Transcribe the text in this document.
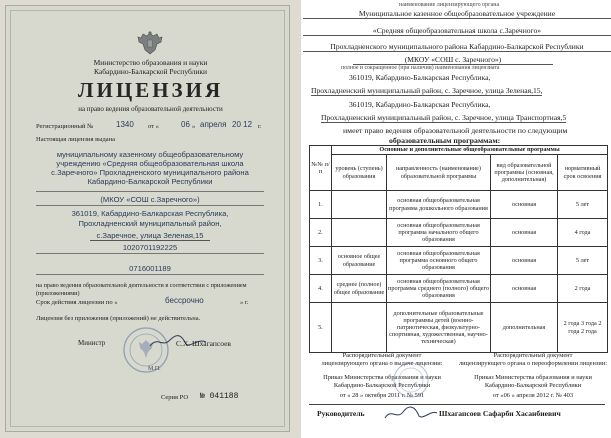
Министерство образования и науки
Кабардино-Балкарской Республики
ЛИЦЕНЗИЯ
на право ведения образовательной деятельности
Регистрационный №	1340 от «	06 » апреля 20 12 г.
Настоящая лицензия выдана
муниципальному казенному общеобразовательному
учреждению «Средняя общеобразовательная школа
с.Заречного» Прохладненского муниципального района
Кабардино-Балкарской Республики
(МКОУ «СОШ с.Заречного»)
361019, Кабардино-Балкарская Республика,
Прохладненский муниципальный район,
с.Заречное, улица Зеленая,15
1020701192225
0716001189
на право ведения образовательной деятельности в соответствии с приложением
(приложениями)
Срок действия лицензии по «	бессрочно	» г.
Лицензия без приложения (приложений) не действительна.
Министр	С.Х. Шхагапсоев
М.П.
Серия РО № 041188
наименование лицензирующего органа
Муниципальное казенное общеобразовательное учреждение
«Средняя общеобразовательная школа с.Заречного»
Прохладненского муниципального района Кабардино-Балкарской Республики
(МКОУ «СОШ с. Заречного»)
полное и сокращенное (при наличии) наименования лицензиата
361019, Кабардино-Балкарская Республика,
Прохладненский муниципальный район, с. Заречное, улица Зеленая,15,
361019, Кабардино-Балкарская Республика,
Прохладненский муниципальный район, с. Заречное, улица Транспортная,5
имеет право ведения образовательной деятельности по следующим
образовательным программам:
№№ п/п	Основные и дополнительные общеобразовательные программы			
	уровень (ступень) образования	направленность (наименование) образовательной программы	вид образовательной программы (основная, дополнительная)	нормативный срок освоения
1.		основная общеобразовательная программа дошкольного образования	основная	5 лет
2.		основная общеобразовательная программа начального общего образования	основная	4 года
3.	основное общее образование	основная общеобразовательная программа основного общего образования	основная	5 лет
4.	среднее (полное) общее образование	основная общеобразовательная программа среднего (полного) общего образования	основная	2 года
5.		дополнительные образовательные программы детей (военно-патриотическая, физкультурно-спортивная, художественная, научно-техническая)	дополнительная	2 года 3 года 2 года 2 года
Распорядительный документ
лицензирующего органа о выдаче лицензии:
Приказ Министерства образования и науки
Кабардино-Балкарской Республики
от « 28 » октября 2011 г. № 591
Распорядительный документ
лицензирующего органа о переоформлении лицензии:
Приказ Министерства образования и науки
Кабардино-Балкарской Республики
от «06 » апреля 2012 г. № 403
Руководитель	Шхагапсоев Сафарби Хасанбиевич
